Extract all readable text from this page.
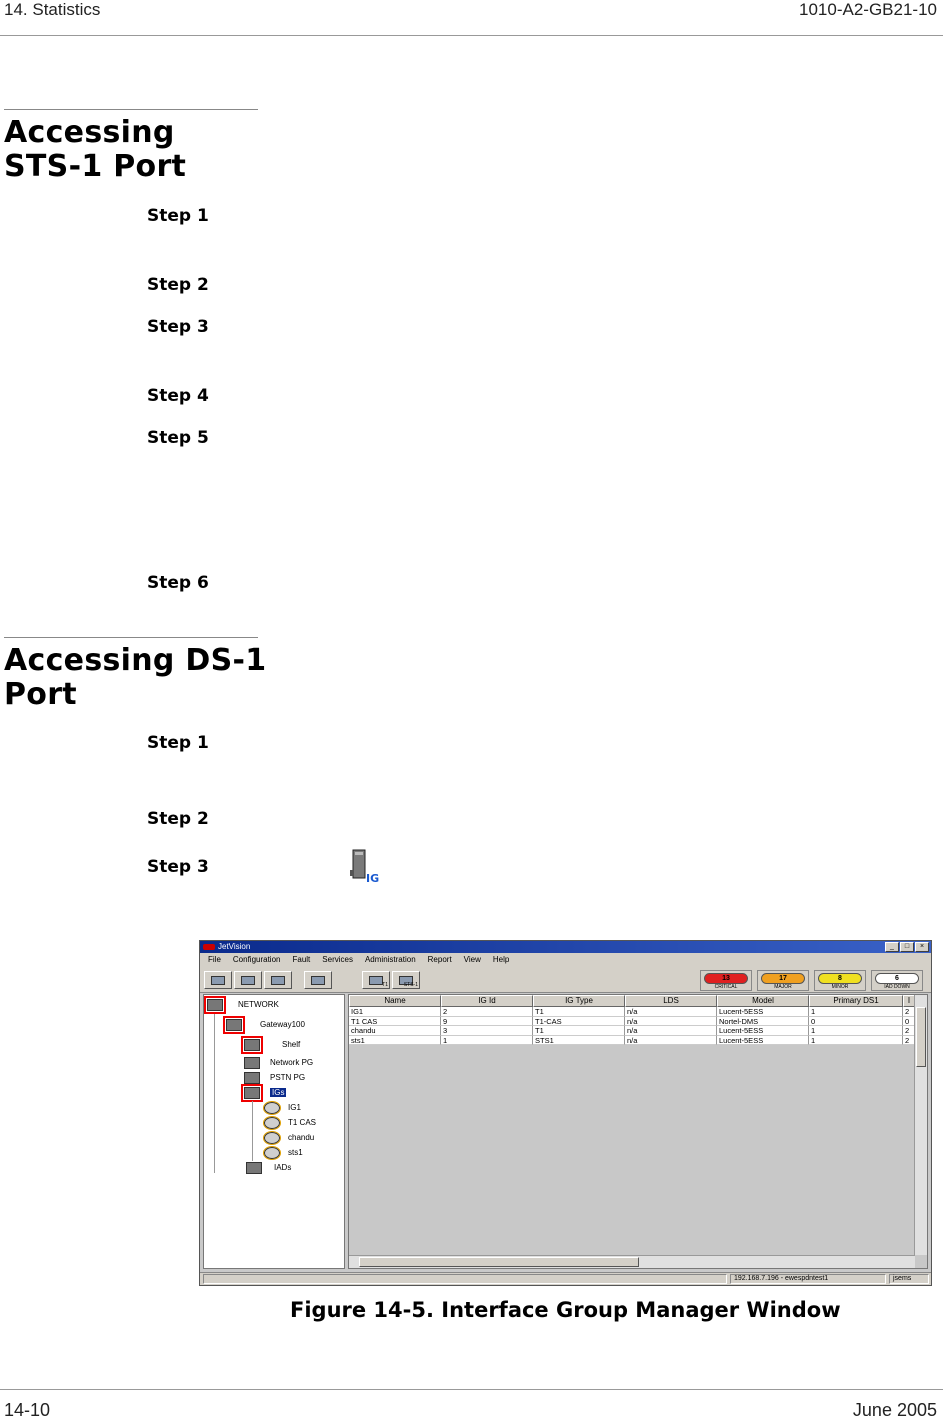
14. Statistics	1010-A2-GB21-10
Accessing
STS-1 Port
Step 1
Step 2
Step 3
Step 4
Step 5
Step 6
Accessing DS-1
Port
Step 1
Step 2
Step 3
IG
JetVision	_	□	×
File Configuration Fault Services Administration Report View Help
T1	STS-1
13
CRITICAL
17
MAJOR
8
MINOR
6
IAD DOWN
NETWORK
Gateway100
Shelf
Network PG
PSTN PG
IGs
IG1
T1 CAS
chandu
sts1
IADs
Name	IG Id	IG Type	LDS	Model	Primary DS1	I
IG1	2	T1	n/a	Lucent-5ESS	1	2
T1 CAS	9	T1-CAS	n/a	Nortel-DMS	0	0
chandu	3	T1	n/a	Lucent-5ESS	1	2
sts1	1	STS1	n/a	Lucent-5ESS	1	2
192.168.7.196 - ewespdntest1	jsems
Figure 14-5. Interface Group Manager Window
14-10	June 2005
